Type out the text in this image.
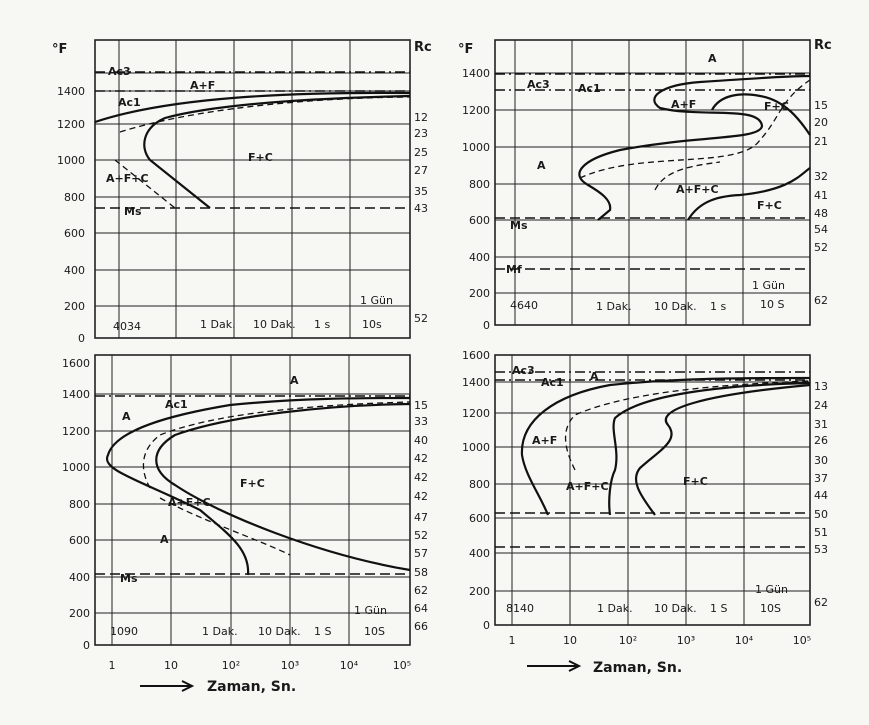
°F	Rc
0
200
400
600
800
1000
1200
1400
12
23
25
27
35
43
52
4034	1 Dak. 10 Dak. 1 s
1 Gün
10s
Ac3
Ac1
A+F
F+C
A+F+C
Ms
°F	Rc
0
200
400
600
800
1000
1200
1400
15
20
21
32
41
48
54
52
62
4640	1 Dak. 10 Dak. 1 s
1 Gün
10 S
A
Ac3	Ac1
A+F	F+C
A
A+F+C
F+C
Ms
Mf
0
200
400
600
800
1000
1200
1400
1600
1	10	10²	10³	10⁴	10⁵
15
33
40
42
42
42
47
52
57
58
62
64
66
1090	1 Dak. 10 Dak. 1 S
1 Gün
10S
A
Ac1
A
F+C
A+F+C
A
Ms
0
200
400
600
800
1000
1200
1400
1600
1	10	10²	10³	10⁴	10⁵
13
24
31
26
30
37
44
50
51
53
62
8140	1 Dak. 10 Dak. 1 S
1 Gün
10S
Ac3
Ac1 A
A+F
A+F+C	F+C
Zaman, Sn.
Zaman, Sn.
